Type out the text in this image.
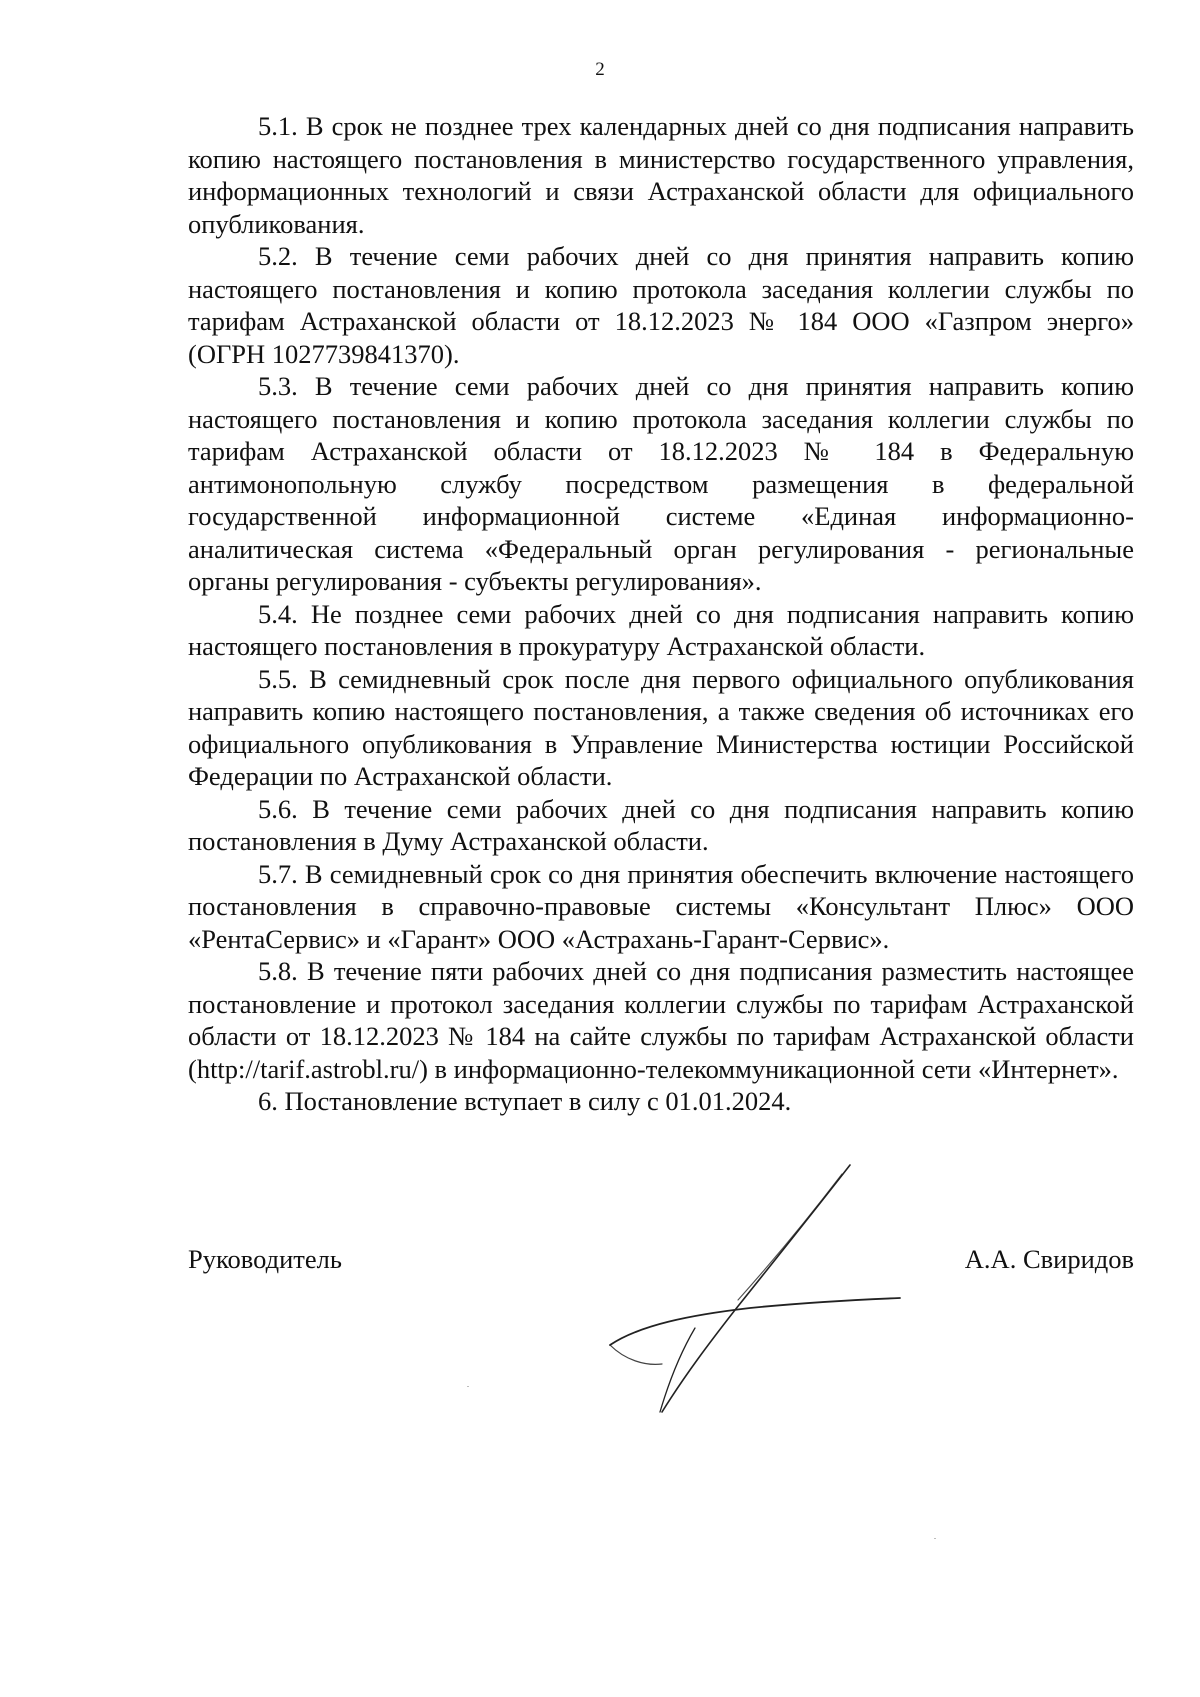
2

5.1. В срок не позднее трех календарных дней со дня подписания направить копию настоящего постановления в министерство государственного управления, информационных технологий и связи Астраханской области для официального опубликования.

5.2. В течение семи рабочих дней со дня принятия направить копию настоящего постановления и копию протокола заседания коллегии службы по тарифам Астраханской области от 18.12.2023 № 184 ООО «Газпром энерго» (ОГРН 1027739841370).

5.3. В течение семи рабочих дней со дня принятия направить копию настоящего постановления и копию протокола заседания коллегии службы по тарифам Астраханской области от 18.12.2023 № 184 в Федеральную антимонопольную службу посредством размещения в федеральной государственной информационной системе «Единая информационно-аналитическая система «Федеральный орган регулирования - региональные органы регулирования - субъекты регулирования».

5.4. Не позднее семи рабочих дней со дня подписания направить копию настоящего постановления в прокуратуру Астраханской области.

5.5. В семидневный срок после дня первого официального опубликования направить копию настоящего постановления, а также сведения об источниках его официального опубликования в Управление Министерства юстиции Российской Федерации по Астраханской области.

5.6. В течение семи рабочих дней со дня подписания направить копию постановления в Думу Астраханской области.

5.7. В семидневный срок со дня принятия обеспечить включение настоящего постановления в справочно-правовые системы «Консультант Плюс» ООО «РентаСервис» и «Гарант» ООО «Астрахань-Гарант-Сервис».

5.8. В течение пяти рабочих дней со дня подписания разместить настоящее постановление и протокол заседания коллегии службы по тарифам Астраханской области от 18.12.2023 № 184 на сайте службы по тарифам Астраханской области (http://tarif.astrobl.ru/) в информационно-телекоммуникационной сети «Интернет».

6. Постановление вступает в силу с 01.01.2024.

Руководитель	А.А. Свиридов
